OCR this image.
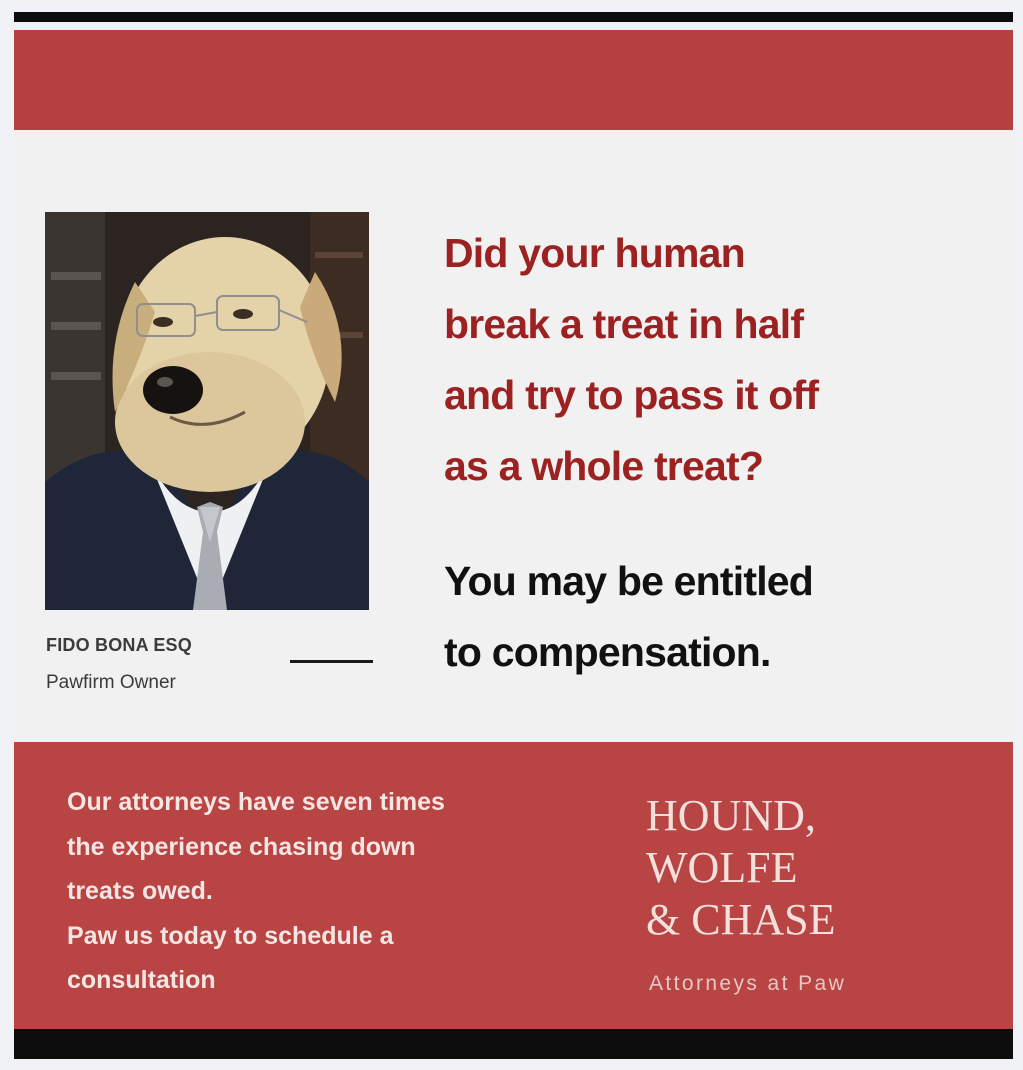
FIDO BONA ESQ
Pawfirm Owner
Did your human
break a treat in half
and try to pass it off
as a whole treat?
You may be entitled
to compensation.
Our attorneys have seven times
the experience chasing down
treats owed.
Paw us today to schedule a
consultation
HOUND,
WOLFE
& CHASE
Attorneys at Paw
